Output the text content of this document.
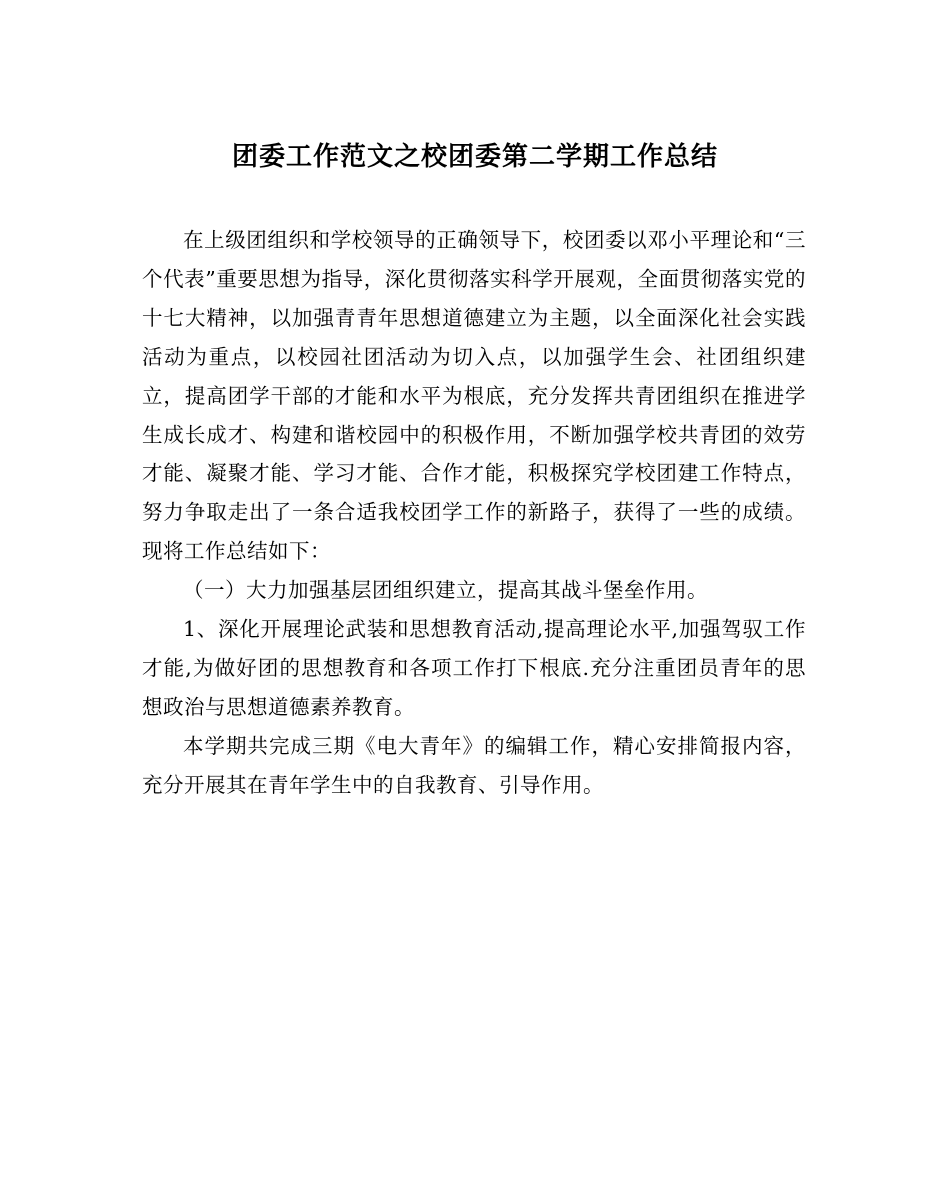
团委工作范文之校团委第二学期工作总结

在上级团组织和学校领导的正确领导下，校团委以邓小平理论和“三个代表”重要思想为指导，深化贯彻落实科学开展观，全面贯彻落实党的十七大精神，以加强青青年思想道德建立为主题，以全面深化社会实践活动为重点，以校园社团活动为切入点，以加强学生会、社团组织建立，提高团学干部的才能和水平为根底，充分发挥共青团组织在推进学生成长成才、构建和谐校园中的积极作用，不断加强学校共青团的效劳才能、凝聚才能、学习才能、合作才能，积极探究学校团建工作特点，努力争取走出了一条合适我校团学工作的新路子，获得了一些的成绩。现将工作总结如下：

（一）大力加强基层团组织建立，提高其战斗堡垒作用。

1、深化开展理论武装和思想教育活动,提高理论水平,加强驾驭工作才能,为做好团的思想教育和各项工作打下根底.充分注重团员青年的思想政治与思想道德素养教育。

本学期共完成三期《电大青年》的编辑工作，精心安排简报内容，充分开展其在青年学生中的自我教育、引导作用。
